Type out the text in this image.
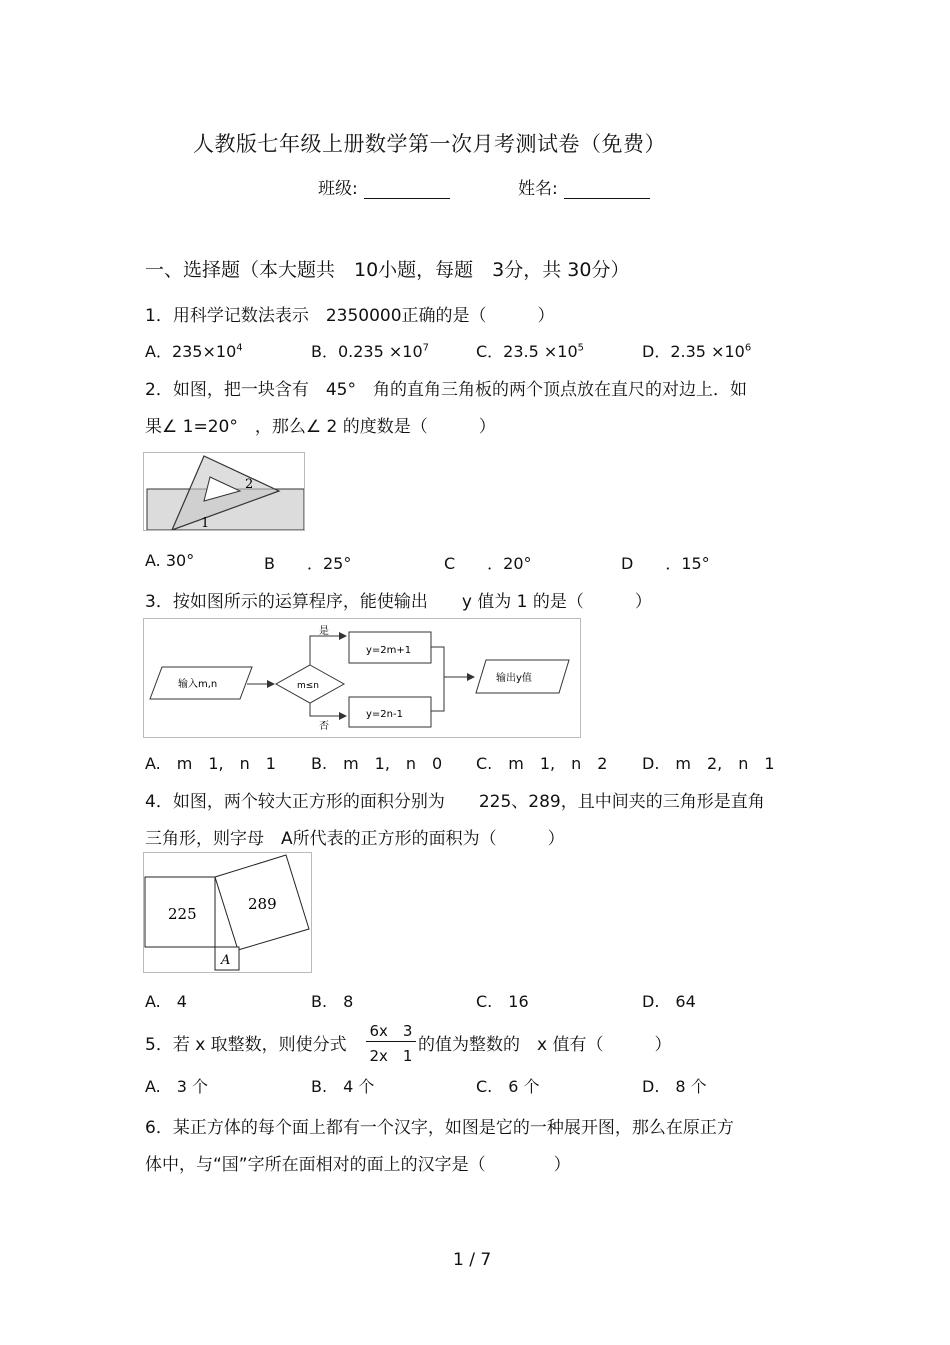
人教版七年级上册数学第一次月考测试卷（免费）
班级:	姓名:
一、选择题（本大题共　10小题，每题　3分，共 30分）
1．用科学记数法表示　2350000正确的是（　　　）
A．$235\times 10^4$	B．$0.235 \times 10^7$	C．$23.5 \times 10^5$	D．$2.35 \times 10^6$
2．如图，把一块含有　45°　角的直角三角板的两个顶点放在直尺的对边上．如
果∠ 1=20°　，那么∠ 2 的度数是（　　　）
2
1
A. 30°	B　　．25°	C　　．20°	D　　．15°
3．按如图所示的运算程序，能使输出　　y 值为 1 的是（　　　）
输入m,n	m≤n
是
否
y=2m+1
y=2n-1
输出y值
A.　m　1,　n　1 B.　m　1,　n　0 C.　m　1,　n　2 D.　m　2,　n　1
4．如图，两个较大正方形的面积分别为　　225、289，且中间夹的三角形是直角
三角形，则字母　A所代表的正方形的面积为（　　　）
225
289
A
A.　4	B.　8	C.　16	D.　64
5．若 x 取整数，则使分式
6x　3
2x　1
的值为整数的　x 值有（　　　）
A.　3 个	B.　4 个	C.　6 个	D.　8 个
6．某正方体的每个面上都有一个汉字，如图是它的一种展开图，那么在原正方
体中，与“国”字所在面相对的面上的汉字是（　　　　）
1 / 7
